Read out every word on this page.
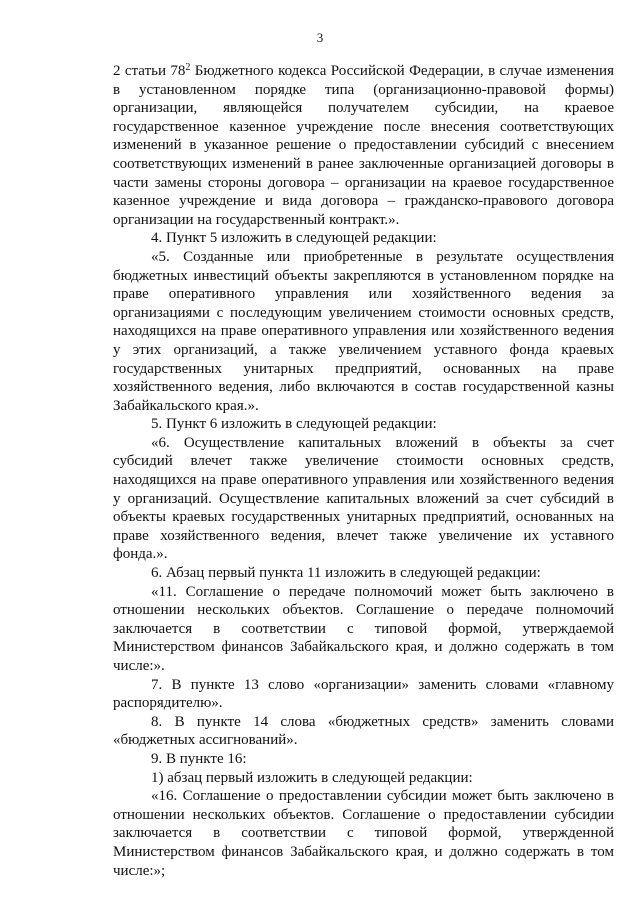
3
2 статьи $78^2$ Бюджетного кодекса Российской Федерации, в случае изменения
в установленном порядке типа (организационно-правовой формы)
организации, являющейся получателем субсидии, на краевое
государственное казенное учреждение после внесения соответствующих
изменений в указанное решение о предоставлении субсидий с внесением
соответствующих изменений в ранее заключенные организацией договоры в
части замены стороны договора – организации на краевое государственное
казенное учреждение и вида договора – гражданско-правового договора
организации на государственный контракт.».
4. Пункт 5 изложить в следующей редакции:
«5. Созданные или приобретенные в результате осуществления
бюджетных инвестиций объекты закрепляются в установленном порядке на
праве оперативного управления или хозяйственного ведения за
организациями с последующим увеличением стоимости основных средств,
находящихся на праве оперативного управления или хозяйственного ведения
у этих организаций, а также увеличением уставного фонда краевых
государственных унитарных предприятий, основанных на праве
хозяйственного ведения, либо включаются в состав государственной казны
Забайкальского края.».
5. Пункт 6 изложить в следующей редакции:
«6. Осуществление капитальных вложений в объекты за счет
субсидий влечет также увеличение стоимости основных средств,
находящихся на праве оперативного управления или хозяйственного ведения
у организаций. Осуществление капитальных вложений за счет субсидий в
объекты краевых государственных унитарных предприятий, основанных на
праве хозяйственного ведения, влечет также увеличение их уставного
фонда.».
6. Абзац первый пункта 11 изложить в следующей редакции:
«11. Соглашение о передаче полномочий может быть заключено в
отношении нескольких объектов. Соглашение о передаче полномочий
заключается в соответствии с типовой формой, утверждаемой
Министерством финансов Забайкальского края, и должно содержать в том
числе:».
7. В пункте 13 слово «организации» заменить словами «главному
распорядителю».
8. В пункте 14 слова «бюджетных средств» заменить словами
«бюджетных ассигнований».
9. В пункте 16:
1) абзац первый изложить в следующей редакции:
«16. Соглашение о предоставлении субсидии может быть заключено в
отношении нескольких объектов. Соглашение о предоставлении субсидии
заключается в соответствии с типовой формой, утвержденной
Министерством финансов Забайкальского края, и должно содержать в том
числе:»;
